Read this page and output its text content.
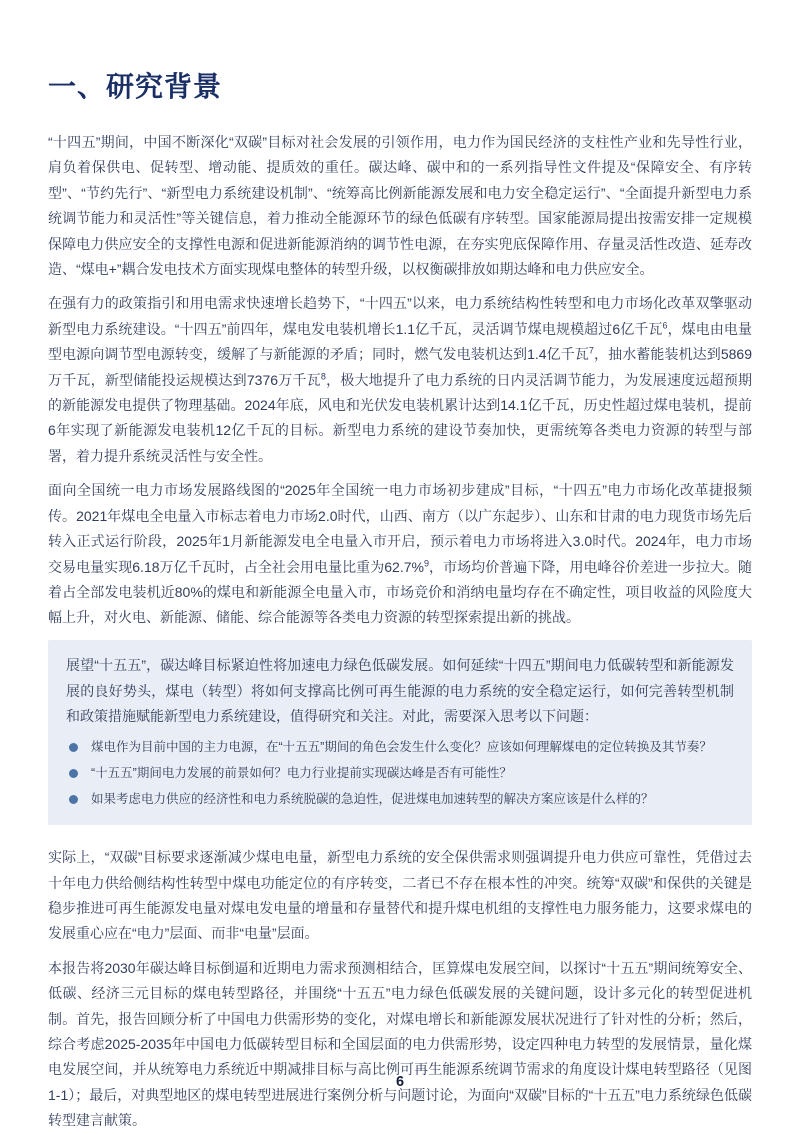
一、研究背景

“十四五”期间，中国不断深化“双碳”目标对社会发展的引领作用，电力作为国民经济的支柱性产业和先导性行业，肩负着保供电、促转型、增动能、提质效的重任。碳达峰、碳中和的一系列指导性文件提及“保障安全、有序转型”、“节约先行”、“新型电力系统建设机制”、“统筹高比例新能源发展和电力安全稳定运行”、“全面提升新型电力系统调节能力和灵活性”等关键信息，着力推动全能源环节的绿色低碳有序转型。国家能源局提出按需安排一定规模保障电力供应安全的支撑性电源和促进新能源消纳的调节性电源，在夯实兜底保障作用、存量灵活性改造、延寿改造、“煤电+”耦合发电技术方面实现煤电整体的转型升级，以权衡碳排放如期达峰和电力供应安全。

在强有力的政策指引和用电需求快速增长趋势下，“十四五”以来，电力系统结构性转型和电力市场化改革双擎驱动新型电力系统建设。“十四五”前四年，煤电发电装机增长1.1亿千瓦，灵活调节煤电规模超过6亿千瓦$^6$，煤电由电量型电源向调节型电源转变，缓解了与新能源的矛盾；同时，燃气发电装机达到1.4亿千瓦$^7$，抽水蓄能装机达到5869万千瓦，新型储能投运规模达到7376万千瓦$^8$，极大地提升了电力系统的日内灵活调节能力，为发展速度远超预期的新能源发电提供了物理基础。2024年底，风电和光伏发电装机累计达到14.1亿千瓦，历史性超过煤电装机，提前6年实现了新能源发电装机12亿千瓦的目标。新型电力系统的建设节奏加快，更需统筹各类电力资源的转型与部署，着力提升系统灵活性与安全性。

面向全国统一电力市场发展路线图的“2025年全国统一电力市场初步建成”目标，“十四五”电力市场化改革捷报频传。2021年煤电全电量入市标志着电力市场2.0时代，山西、南方（以广东起步）、山东和甘肃的电力现货市场先后转入正式运行阶段，2025年1月新能源发电全电量入市开启，预示着电力市场将进入3.0时代。2024年，电力市场交易电量实现6.18万亿千瓦时，占全社会用电量比重为62.7%$^9$，市场均价普遍下降，用电峰谷价差进一步拉大。随着占全部发电装机近80%的煤电和新能源全电量入市，市场竞价和消纳电量均存在不确定性，项目收益的风险度大幅上升，对火电、新能源、储能、综合能源等各类电力资源的转型探索提出新的挑战。

展望“十五五”，碳达峰目标紧迫性将加速电力绿色低碳发展。如何延续“十四五”期间电力低碳转型和新能源发展的良好势头，煤电（转型）将如何支撑高比例可再生能源的电力系统的安全稳定运行，如何完善转型机制和政策措施赋能新型电力系统建设，值得研究和关注。对此，需要深入思考以下问题：

煤电作为目前中国的主力电源，在“十五五”期间的角色会发生什么变化？应该如何理解煤电的定位转换及其节奏？
“十五五”期间电力发展的前景如何？电力行业提前实现碳达峰是否有可能性？
如果考虑电力供应的经济性和电力系统脱碳的急迫性，促进煤电加速转型的解决方案应该是什么样的？

实际上，“双碳”目标要求逐渐减少煤电电量，新型电力系统的安全保供需求则强调提升电力供应可靠性，凭借过去十年电力供给侧结构性转型中煤电功能定位的有序转变，二者已不存在根本性的冲突。统筹“双碳”和保供的关键是稳步推进可再生能源发电量对煤电发电量的增量和存量替代和提升煤电机组的支撑性电力服务能力，这要求煤电的发展重心应在“电力”层面、而非“电量”层面。

本报告将2030年碳达峰目标倒逼和近期电力需求预测相结合，匡算煤电发展空间，以探讨“十五五”期间统筹安全、低碳、经济三元目标的煤电转型路径，并围绕“十五五”电力绿色低碳发展的关键问题，设计多元化的转型促进机制。首先，报告回顾分析了中国电力供需形势的变化，对煤电增长和新能源发展状况进行了针对性的分析；然后，综合考虑2025-2035年中国电力低碳转型目标和全国层面的电力供需形势，设定四种电力转型的发展情景，量化煤电发展空间，并从统筹电力系统近中期减排目标与高比例可再生能源系统调节需求的角度设计煤电转型路径（见图1-1）；最后，对典型地区的煤电转型进展进行案例分析与问题讨论，为面向“双碳”目标的“十五五”电力系统绿色低碳转型建言献策。

6
